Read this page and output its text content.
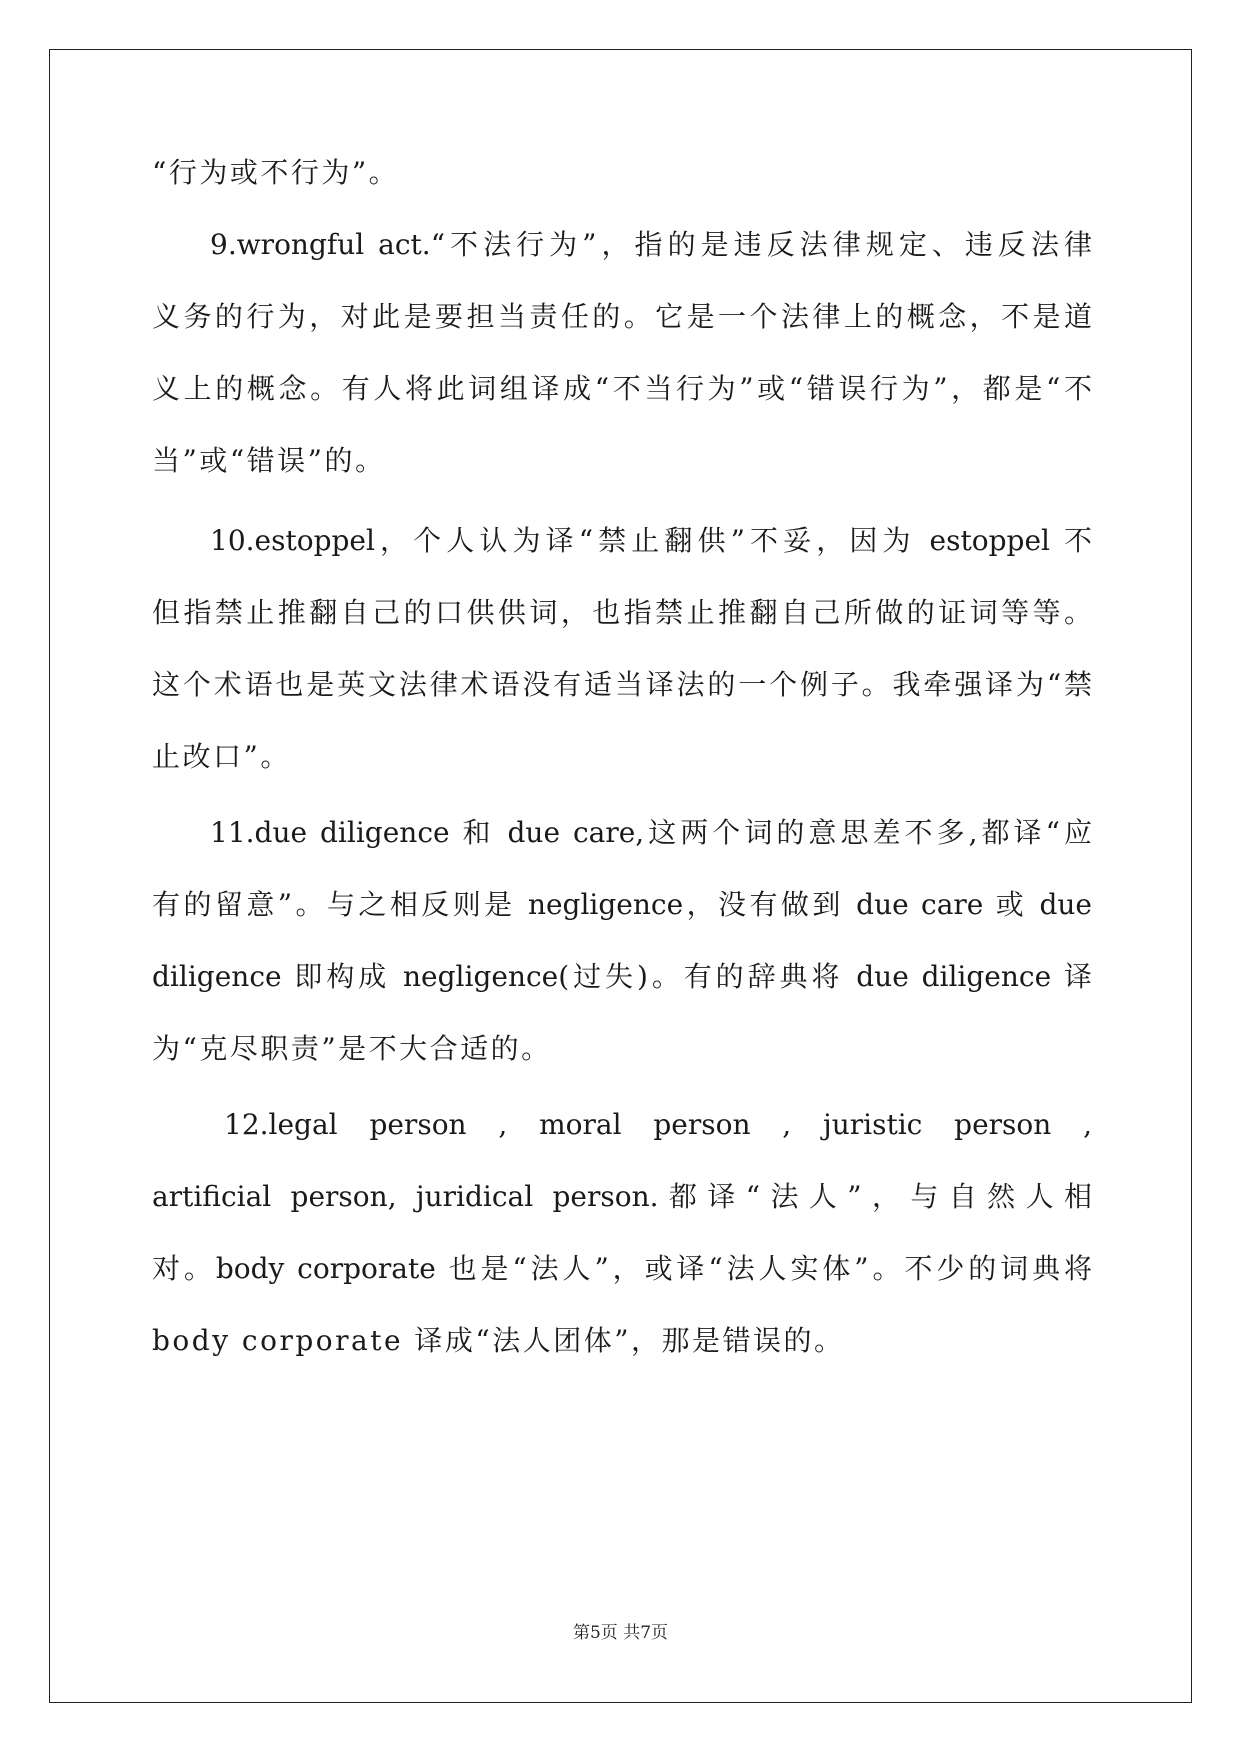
“行为或不行为”。
9.wrongful act.“不法行为”，指的是违反法律规定、违反法律
义务的行为，对此是要担当责任的。它是一个法律上的概念，不是道
义上的概念。有人将此词组译成“不当行为”或“错误行为”，都是“不
当”或“错误”的。
10.estoppel，个人认为译“禁止翻供”不妥，因为 estoppel 不
但指禁止推翻自己的口供供词，也指禁止推翻自己所做的证词等等。
这个术语也是英文法律术语没有适当译法的一个例子。我牵强译为“禁
止改口”。
11.due diligence 和 due care,这两个词的意思差不多,都译“应
有的留意”。与之相反则是 negligence，没有做到 due care 或 due
diligence 即构成 negligence(过失)。有的辞典将 due diligence 译
为“克尽职责”是不大合适的。
12.legal person , moral person , juristic person ,
artificial person, juridical person.都译“法人”，与自然人相
对。body corporate 也是“法人”，或译“法人实体”。不少的词典将
body corporate 译成“法人团体”，那是错误的。
第5页 共7页
